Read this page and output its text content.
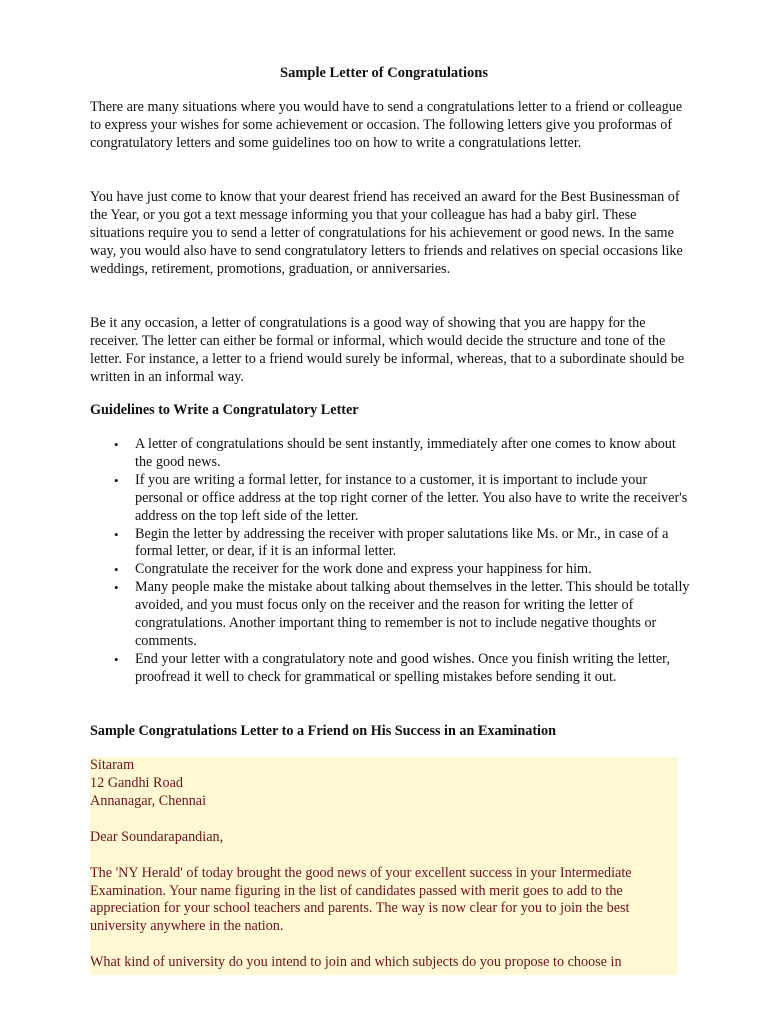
Sample Letter of Congratulations

There are many situations where you would have to send a congratulations letter to a friend or colleague to express your wishes for some achievement or occasion. The following letters give you proformas of congratulatory letters and some guidelines too on how to write a congratulations letter.

You have just come to know that your dearest friend has received an award for the Best Businessman of the Year, or you got a text message informing you that your colleague has had a baby girl. These situations require you to send a letter of congratulations for his achievement or good news. In the same way, you would also have to send congratulatory letters to friends and relatives on special occasions like weddings, retirement, promotions, graduation, or anniversaries.

Be it any occasion, a letter of congratulations is a good way of showing that you are happy for the receiver. The letter can either be formal or informal, which would decide the structure and tone of the letter. For instance, a letter to a friend would surely be informal, whereas, that to a subordinate should be written in an informal way.

Guidelines to Write a Congratulatory Letter
• A letter of congratulations should be sent instantly, immediately after one comes to know about the good news.
• If you are writing a formal letter, for instance to a customer, it is important to include your personal or office address at the top right corner of the letter. You also have to write the receiver's address on the top left side of the letter.
• Begin the letter by addressing the receiver with proper salutations like Ms. or Mr., in case of a formal letter, or dear, if it is an informal letter.
• Congratulate the receiver for the work done and express your happiness for him.
• Many people make the mistake about talking about themselves in the letter. This should be totally avoided, and you must focus only on the receiver and the reason for writing the letter of congratulations. Another important thing to remember is not to include negative thoughts or comments.
• End your letter with a congratulatory note and good wishes. Once you finish writing the letter, proofread it well to check for grammatical or spelling mistakes before sending it out.
Sample Congratulations Letter to a Friend on His Success in an Examination

Sitaram

12 Gandhi Road

Annanagar, Chennai

Dear Soundarapandian,

The 'NY Herald' of today brought the good news of your excellent success in your Intermediate Examination. Your name figuring in the list of candidates passed with merit goes to add to the appreciation for your school teachers and parents. The way is now clear for you to join the best university anywhere in the nation.

What kind of university do you intend to join and which subjects do you propose to choose in
